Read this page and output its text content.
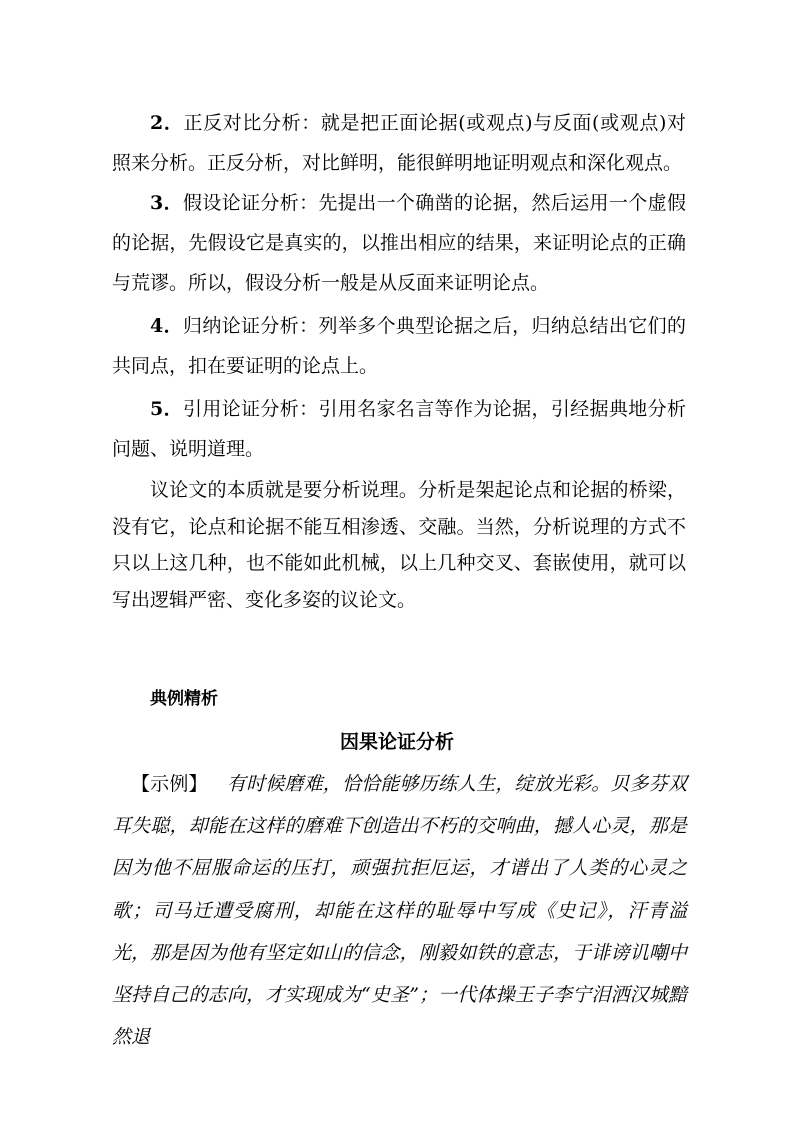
2．正反对比分析：就是把正面论据(或观点)与反面(或观点)对照来分析。正反分析，对比鲜明，能很鲜明地证明观点和深化观点。

3．假设论证分析：先提出一个确凿的论据，然后运用一个虚假的论据，先假设它是真实的，以推出相应的结果，来证明论点的正确与荒谬。所以，假设分析一般是从反面来证明论点。

4．归纳论证分析：列举多个典型论据之后，归纳总结出它们的共同点，扣在要证明的论点上。

5．引用论证分析：引用名家名言等作为论据，引经据典地分析问题、说明道理。

议论文的本质就是要分析说理。分析是架起论点和论据的桥梁，没有它，论点和论据不能互相渗透、交融。当然，分析说理的方式不只以上这几种，也不能如此机械，以上几种交叉、套嵌使用，就可以写出逻辑严密、变化多姿的议论文。

典例精析

因果论证分析

【示例】 有时候磨难，恰恰能够历练人生，绽放光彩。贝多芬双耳失聪，却能在这样的磨难下创造出不朽的交响曲，撼人心灵，那是因为他不屈服命运的压打，顽强抗拒厄运，才谱出了人类的心灵之歌；司马迁遭受腐刑，却能在这样的耻辱中写成《史记》，汗青溢光，那是因为他有坚定如山的信念，刚毅如铁的意志，于诽谤讥嘲中坚持自己的志向，才实现成为“史圣”；一代体操王子李宁泪洒汉城黯然退
